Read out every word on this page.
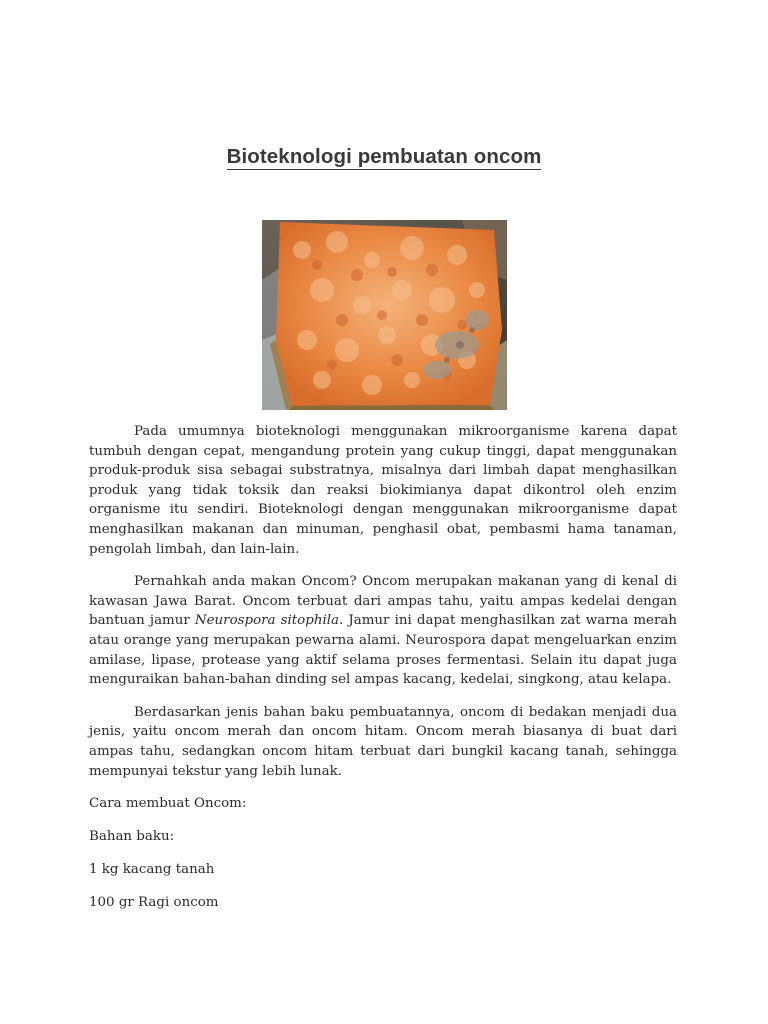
Bioteknologi pembuatan oncom

Pada umumnya bioteknologi menggunakan mikroorganisme karena dapat tumbuh dengan cepat, mengandung protein yang cukup tinggi, dapat menggunakan produk-produk sisa sebagai substratnya, misalnya dari limbah dapat menghasilkan produk yang tidak toksik dan reaksi biokimianya dapat dikontrol oleh enzim organisme itu sendiri. Bioteknologi dengan menggunakan mikroorganisme dapat menghasilkan makanan dan minuman, penghasil obat, pembasmi hama tanaman, pengolah limbah, dan lain-lain.

Pernahkah anda makan Oncom? Oncom merupakan makanan yang di kenal di kawasan Jawa Barat. Oncom terbuat dari ampas tahu, yaitu ampas kedelai dengan bantuan jamur Neurospora sitophila. Jamur ini dapat menghasilkan zat warna merah atau orange yang merupakan pewarna alami. Neurospora dapat mengeluarkan enzim amilase, lipase, protease yang aktif selama proses fermentasi. Selain itu dapat juga menguraikan bahan-bahan dinding sel ampas kacang, kedelai, singkong, atau kelapa.

Berdasarkan jenis bahan baku pembuatannya, oncom di bedakan menjadi dua jenis, yaitu oncom merah dan oncom hitam. Oncom merah biasanya di buat dari ampas tahu, sedangkan oncom hitam terbuat dari bungkil kacang tanah, sehingga mempunyai tekstur yang lebih lunak.

Cara membuat Oncom:

Bahan baku:

1 kg kacang tanah

100 gr Ragi oncom
